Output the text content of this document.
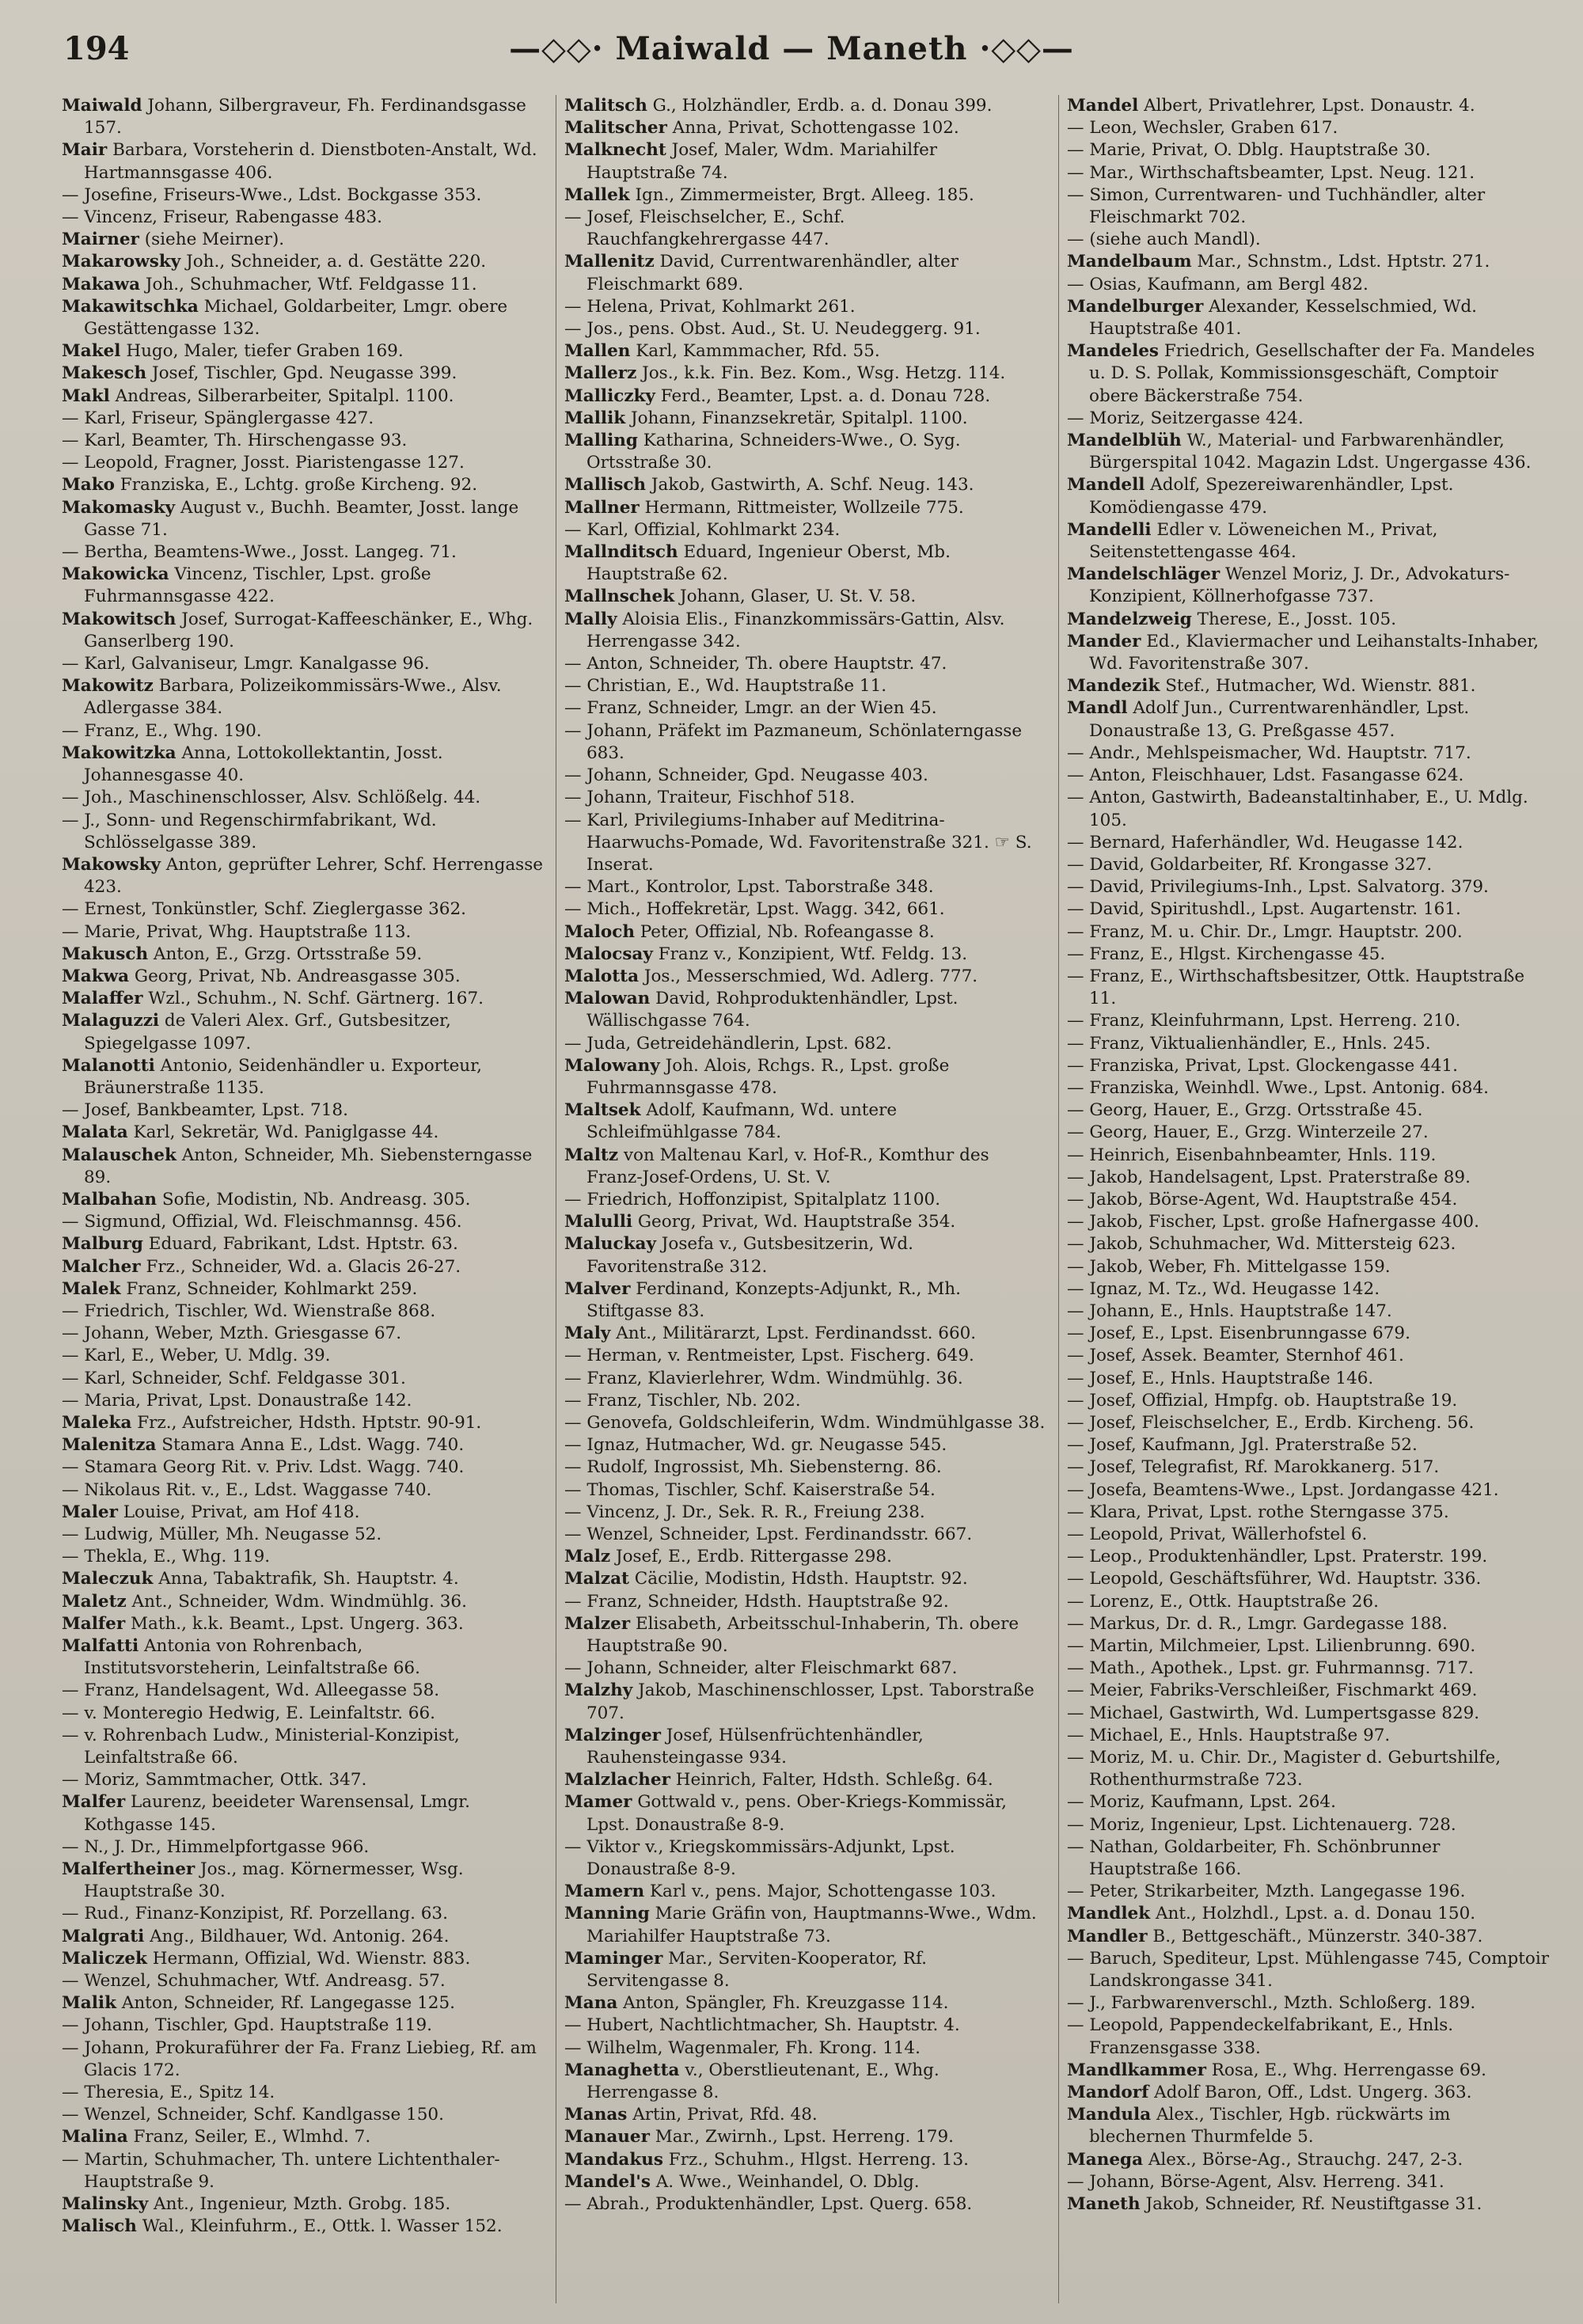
194	—◇◇· Maiwald — Maneth ·◇◇—

Maiwald Johann, Silbergraveur, Fh. Ferdinandsgasse 157.

Mair Barbara, Vorsteherin d. Dienstboten-Anstalt, Wd. Hartmannsgasse 406.

— Josefine, Friseurs-Wwe., Ldst. Bockgasse 353.

— Vincenz, Friseur, Rabengasse 483.

Mairner (siehe Meirner).

Makarowsky Joh., Schneider, a. d. Gestätte 220.

Makawa Joh., Schuhmacher, Wtf. Feldgasse 11.

Makawitschka Michael, Goldarbeiter, Lmgr. obere Gestättengasse 132.

Makel Hugo, Maler, tiefer Graben 169.

Makesch Josef, Tischler, Gpd. Neugasse 399.

Makl Andreas, Silberarbeiter, Spitalpl. 1100.

— Karl, Friseur, Spänglergasse 427.

— Karl, Beamter, Th. Hirschengasse 93.

— Leopold, Fragner, Josst. Piaristengasse 127.

Makо Franziska, E., Lchtg. große Kircheng. 92.

Makomasky August v., Buchh. Beamter, Josst. lange Gasse 71.

— Bertha, Beamtens-Wwe., Josst. Langeg. 71.

Makowicka Vincenz, Tischler, Lpst. große Fuhrmannsgasse 422.

Makowitsch Josef, Surrogat-Kaffeeschänker, E., Whg. Ganserlberg 190.

— Karl, Galvaniseur, Lmgr. Kanalgasse 96.

Makowitz Barbara, Polizeikommissärs-Wwe., Alsv. Adlergasse 384.

— Franz, E., Whg. 190.

Makowitzka Anna, Lottokollektantin, Josst. Johannesgasse 40.

— Joh., Maschinenschlosser, Alsv. Schlößelg. 44.

— J., Sonn- und Regenschirmfabrikant, Wd. Schlösselgasse 389.

Makowsky Anton, geprüfter Lehrer, Schf. Herrengasse 423.

— Ernest, Tonkünstler, Schf. Zieglergasse 362.

— Marie, Privat, Whg. Hauptstraße 113.

Makusch Anton, E., Grzg. Ortsstraße 59.

Makwa Georg, Privat, Nb. Andreasgasse 305.

Malaffer Wzl., Schuhm., N. Schf. Gärtnerg. 167.

Malaguzzi de Valeri Alex. Grf., Gutsbesitzer, Spiegelgasse 1097.

Malanotti Antonio, Seidenhändler u. Exporteur, Bräunerstraße 1135.

— Josef, Bankbeamter, Lpst. 718.

Malata Karl, Sekretär, Wd. Paniglgasse 44.

Malauschek Anton, Schneider, Mh. Siebensterngasse 89.

Malbahan Sofie, Modistin, Nb. Andreasg. 305.

— Sigmund, Offizial, Wd. Fleischmannsg. 456.

Malburg Eduard, Fabrikant, Ldst. Hptstr. 63.

Malcher Frz., Schneider, Wd. a. Glacis 26-27.

Malek Franz, Schneider, Kohlmarkt 259.

— Friedrich, Tischler, Wd. Wienstraße 868.

— Johann, Weber, Mzth. Griesgasse 67.

— Karl, E., Weber, U. Mdlg. 39.

— Karl, Schneider, Schf. Feldgasse 301.

— Maria, Privat, Lpst. Donaustraße 142.

Maleka Frz., Aufstreicher, Hdsth. Hptstr. 90-91.

Malenitza Stamara Anna E., Ldst. Wagg. 740.

— Stamara Georg Rit. v. Priv. Ldst. Wagg. 740.

— Nikolaus Rit. v., E., Ldst. Waggasse 740.

Maler Louise, Privat, am Hof 418.

— Ludwig, Müller, Mh. Neugasse 52.

— Thekla, E., Whg. 119.

Maleczuk Anna, Tabaktrafik, Sh. Hauptstr. 4.

Maletz Ant., Schneider, Wdm. Windmühlg. 36.

Malfer Math., k.k. Beamt., Lpst. Ungerg. 363.

Malfatti Antonia von Rohrenbach, Institutsvorsteherin, Leinfaltstraße 66.

— Franz, Handelsagent, Wd. Alleegasse 58.

— v. Monteregio Hedwig, E. Leinfaltstr. 66.

— v. Rohrenbach Ludw., Ministerial-Konzipist, Leinfaltstraße 66.

— Moriz, Sammtmacher, Ottk. 347.

Malfer Laurenz, beeideter Warensensal, Lmgr. Kothgasse 145.

— N., J. Dr., Himmelpfortgasse 966.

Malfertheiner Jos., mag. Körnermesser, Wsg. Hauptstraße 30.

— Rud., Finanz-Konzipist, Rf. Porzellang. 63.

Malgrati Ang., Bildhauer, Wd. Antonig. 264.

Maliczek Hermann, Offizial, Wd. Wienstr. 883.

— Wenzel, Schuhmacher, Wtf. Andreasg. 57.

Malik Anton, Schneider, Rf. Langegasse 125.

— Johann, Tischler, Gpd. Hauptstraße 119.

— Johann, Prokuraführer der Fa. Franz Liebieg, Rf. am Glacis 172.

— Theresia, E., Spitz 14.

— Wenzel, Schneider, Schf. Kandlgasse 150.

Malina Franz, Seiler, E., Wlmhd. 7.

— Martin, Schuhmacher, Th. untere Lichtenthaler-Hauptstraße 9.

Malinsky Ant., Ingenieur, Mzth. Grobg. 185.

Malisch Wal., Kleinfuhrm., E., Ottk. l. Wasser 152.

Malitsch G., Holzhändler, Erdb. a. d. Donau 399.

Malitscher Anna, Privat, Schottengasse 102.

Malknecht Josef, Maler, Wdm. Mariahilfer Hauptstraße 74.

Mallek Ign., Zimmermeister, Brgt. Alleeg. 185.

— Josef, Fleischselcher, E., Schf. Rauchfangkehrergasse 447.

Mallenitz David, Currentwarenhändler, alter Fleischmarkt 689.

— Helena, Privat, Kohlmarkt 261.

— Jos., pens. Obst. Aud., St. U. Neudeggerg. 91.

Mallen Karl, Kammmacher, Rfd. 55.

Mallerz Jos., k.k. Fin. Bez. Kom., Wsg. Hetzg. 114.

Malliczky Ferd., Beamter, Lpst. a. d. Donau 728.

Mallik Johann, Finanzsekretär, Spitalpl. 1100.

Malling Katharina, Schneiders-Wwe., O. Syg. Ortsstraße 30.

Mallisch Jakob, Gastwirth, A. Schf. Neug. 143.

Mallner Hermann, Rittmeister, Wollzeile 775.

— Karl, Offizial, Kohlmarkt 234.

Mallnditsch Eduard, Ingenieur Oberst, Mb. Hauptstraße 62.

Mallnschek Johann, Glaser, U. St. V. 58.

Mally Aloisia Elis., Finanzkommissärs-Gattin, Alsv. Herrengasse 342.

— Anton, Schneider, Th. obere Hauptstr. 47.

— Christian, E., Wd. Hauptstraße 11.

— Franz, Schneider, Lmgr. an der Wien 45.

— Johann, Präfekt im Pazmaneum, Schönlaterngasse 683.

— Johann, Schneider, Gpd. Neugasse 403.

— Johann, Traiteur, Fischhof 518.

— Karl, Privilegiums-Inhaber auf Meditrina-Haarwuchs-Pomade, Wd. Favoritenstraße 321. ☞ S. Inserat.

— Mart., Kontrolor, Lpst. Taborstraße 348.

— Mich., Hoffekretär, Lpst. Wagg. 342, 661.

Maloch Peter, Offizial, Nb. Rofeangasse 8.

Malocsay Franz v., Konzipient, Wtf. Feldg. 13.

Malotta Jos., Messerschmied, Wd. Adlerg. 777.

Malowan David, Rohproduktenhändler, Lpst. Wällischgasse 764.

— Juda, Getreidehändlerin, Lpst. 682.

Malowany Joh. Alois, Rchgs. R., Lpst. große Fuhrmannsgasse 478.

Maltsek Adolf, Kaufmann, Wd. untere Schleifmühlgasse 784.

Maltz von Maltenau Karl, v. Hof-R., Komthur des Franz-Josef-Ordens, U. St. V.

— Friedrich, Hoffonzipist, Spitalplatz 1100.

Malulli Georg, Privat, Wd. Hauptstraße 354.

Maluckay Josefa v., Gutsbesitzerin, Wd. Favoritenstraße 312.

Malver Ferdinand, Konzepts-Adjunkt, R., Mh. Stiftgasse 83.

Maly Ant., Militärarzt, Lpst. Ferdinandsst. 660.

— Herman, v. Rentmeister, Lpst. Fischerg. 649.

— Franz, Klavierlehrer, Wdm. Windmühlg. 36.

— Franz, Tischler, Nb. 202.

— Genovefa, Goldschleiferin, Wdm. Windmühlgasse 38.

— Ignaz, Hutmacher, Wd. gr. Neugasse 545.

— Rudolf, Ingrossist, Mh. Siebensterng. 86.

— Thomas, Tischler, Schf. Kaiserstraße 54.

— Vincenz, J. Dr., Sek. R. R., Freiung 238.

— Wenzel, Schneider, Lpst. Ferdinandsstr. 667.

Malz Josef, E., Erdb. Rittergasse 298.

Malzat Cäcilie, Modistin, Hdsth. Hauptstr. 92.

— Franz, Schneider, Hdsth. Hauptstraße 92.

Malzer Elisabeth, Arbeitsschul-Inhaberin, Th. obere Hauptstraße 90.

— Johann, Schneider, alter Fleischmarkt 687.

Malzhy Jakob, Maschinenschlosser, Lpst. Taborstraße 707.

Malzinger Josef, Hülsenfrüchtenhändler, Rauhensteingasse 934.

Malzlacher Heinrich, Falter, Hdsth. Schleßg. 64.

Mamer Gottwald v., pens. Ober-Kriegs-Kommissär, Lpst. Donaustraße 8-9.

— Viktor v., Kriegskommissärs-Adjunkt, Lpst. Donaustraße 8-9.

Mamern Karl v., pens. Major, Schottengasse 103.

Manning Marie Gräfin von, Hauptmanns-Wwe., Wdm. Mariahilfer Hauptstraße 73.

Maminger Mar., Serviten-Kooperator, Rf. Servitengasse 8.

Mana Anton, Spängler, Fh. Kreuzgasse 114.

— Hubert, Nachtlichtmacher, Sh. Hauptstr. 4.

— Wilhelm, Wagenmaler, Fh. Krong. 114.

Managhetta v., Oberstlieutenant, E., Whg. Herrengasse 8.

Manas Artin, Privat, Rfd. 48.

Manauer Mar., Zwirnh., Lpst. Herreng. 179.

Mandakus Frz., Schuhm., Hlgst. Herreng. 13.

Mandel's A. Wwe., Weinhandel, O. Dblg.

— Abrah., Produktenhändler, Lpst. Querg. 658.

Mandel Albert, Privatlehrer, Lpst. Donaustr. 4.

— Leon, Wechsler, Graben 617.

— Marie, Privat, O. Dblg. Hauptstraße 30.

— Mar., Wirthschaftsbeamter, Lpst. Neug. 121.

— Simon, Currentwaren- und Tuchhändler, alter Fleischmarkt 702.

— (siehe auch Mandl).

Mandelbaum Mar., Schnstm., Ldst. Hptstr. 271.

— Osias, Kaufmann, am Bergl 482.

Mandelburger Alexander, Kesselschmied, Wd. Hauptstraße 401.

Mandeles Friedrich, Gesellschafter der Fa. Mandeles u. D. S. Pollak, Kommissionsgeschäft, Comptoir obere Bäckerstraße 754.

— Moriz, Seitzergasse 424.

Mandelblüh W., Material- und Farbwarenhändler, Bürgerspital 1042. Magazin Ldst. Ungergasse 436.

Mandell Adolf, Spezereiwarenhändler, Lpst. Komödiengasse 479.

Mandelli Edler v. Löweneichen M., Privat, Seitenstettengasse 464.

Mandelschläger Wenzel Moriz, J. Dr., Advokaturs-Konzipient, Köllnerhofgasse 737.

Mandelzweig Therese, E., Josst. 105.

Mander Ed., Klaviermacher und Leihanstalts-Inhaber, Wd. Favoritenstraße 307.

Mandezik Stef., Hutmacher, Wd. Wienstr. 881.

Mandl Adolf Jun., Currentwarenhändler, Lpst. Donaustraße 13, G. Preßgasse 457.

— Andr., Mehlspeismacher, Wd. Hauptstr. 717.

— Anton, Fleischhauer, Ldst. Fasangasse 624.

— Anton, Gastwirth, Badeanstaltinhaber, E., U. Mdlg. 105.

— Bernard, Haferhändler, Wd. Heugasse 142.

— David, Goldarbeiter, Rf. Krongasse 327.

— David, Privilegiums-Inh., Lpst. Salvatorg. 379.

— David, Spiritushdl., Lpst. Augartenstr. 161.

— Franz, M. u. Chir. Dr., Lmgr. Hauptstr. 200.

— Franz, E., Hlgst. Kirchengasse 45.

— Franz, E., Wirthschaftsbesitzer, Ottk. Hauptstraße 11.

— Franz, Kleinfuhrmann, Lpst. Herreng. 210.

— Franz, Viktualienhändler, E., Hnls. 245.

— Franziska, Privat, Lpst. Glockengasse 441.

— Franziska, Weinhdl. Wwe., Lpst. Antonig. 684.

— Georg, Hauer, E., Grzg. Ortsstraße 45.

— Georg, Hauer, E., Grzg. Winterzeile 27.

— Heinrich, Eisenbahnbeamter, Hnls. 119.

— Jakob, Handelsagent, Lpst. Praterstraße 89.

— Jakob, Börse-Agent, Wd. Hauptstraße 454.

— Jakob, Fischer, Lpst. große Hafnergasse 400.

— Jakob, Schuhmacher, Wd. Mittersteig 623.

— Jakob, Weber, Fh. Mittelgasse 159.

— Ignaz, M. Tz., Wd. Heugasse 142.

— Johann, E., Hnls. Hauptstraße 147.

— Josef, E., Lpst. Eisenbrunngasse 679.

— Josef, Assek. Beamter, Sternhof 461.

— Josef, E., Hnls. Hauptstraße 146.

— Josef, Offizial, Hmpfg. ob. Hauptstraße 19.

— Josef, Fleischselcher, E., Erdb. Kircheng. 56.

— Josef, Kaufmann, Jgl. Praterstraße 52.

— Josef, Telegrafist, Rf. Marokkanerg. 517.

— Josefa, Beamtens-Wwe., Lpst. Jordangasse 421.

— Klara, Privat, Lpst. rothe Sterngasse 375.

— Leopold, Privat, Wällerhofstel 6.

— Leop., Produktenhändler, Lpst. Praterstr. 199.

— Leopold, Geschäftsführer, Wd. Hauptstr. 336.

— Lorenz, E., Ottk. Hauptstraße 26.

— Markus, Dr. d. R., Lmgr. Gardegasse 188.

— Martin, Milchmeier, Lpst. Lilienbrunng. 690.

— Math., Apothek., Lpst. gr. Fuhrmannsg. 717.

— Meier, Fabriks-Verschleißer, Fischmarkt 469.

— Michael, Gastwirth, Wd. Lumpertsgasse 829.

— Michael, E., Hnls. Hauptstraße 97.

— Moriz, M. u. Chir. Dr., Magister d. Geburtshilfe, Rothenthurmstraße 723.

— Moriz, Kaufmann, Lpst. 264.

— Moriz, Ingenieur, Lpst. Lichtenauerg. 728.

— Nathan, Goldarbeiter, Fh. Schönbrunner Hauptstraße 166.

— Peter, Strikarbeiter, Mzth. Langegasse 196.

Mandlek Ant., Holzhdl., Lpst. a. d. Donau 150.

Mandler B., Bettgeschäft., Münzerstr. 340-387.

— Baruch, Spediteur, Lpst. Mühlengasse 745, Comptoir Landskrongasse 341.

— J., Farbwarenverschl., Mzth. Schloßerg. 189.

— Leopold, Pappendeckelfabrikant, E., Hnls. Franzensgasse 338.

Mandlkammer Rosa, E., Whg. Herrengasse 69.

Mandorf Adolf Baron, Off., Ldst. Ungerg. 363.

Mandula Alex., Tischler, Hgb. rückwärts im blechernen Thurmfelde 5.

Manega Alex., Börse-Ag., Strauchg. 247, 2-3.

— Johann, Börse-Agent, Alsv. Herreng. 341.

Maneth Jakob, Schneider, Rf. Neustiftgasse 31.
